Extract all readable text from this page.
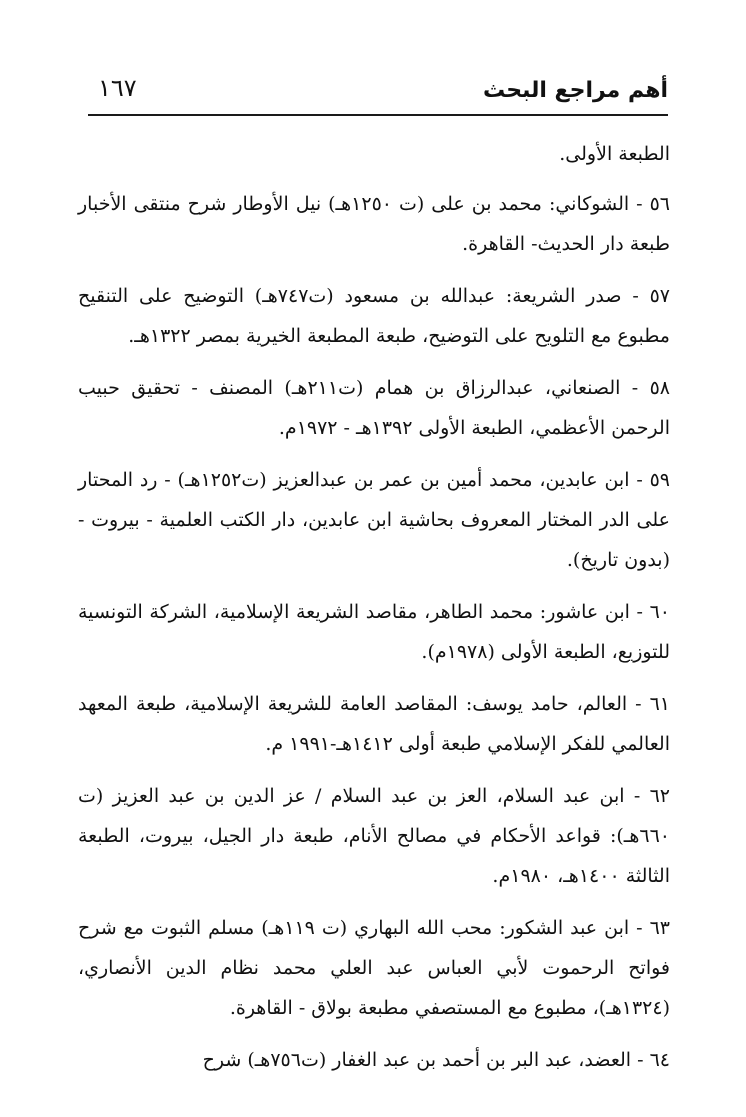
١٦٧	أهم مراجع البحث

الطبعة الأولى.

٥٦ - الشوكاني: محمد بن على (ت ١٢٥٠هـ) نيل الأوطار شرح منتقى الأخبار طبعة دار الحديث- القاهرة.

٥٧ - صدر الشريعة: عبدالله بن مسعود (ت٧٤٧هـ) التوضيح على التنقيح مطبوع مع التلويح على التوضيح، طبعة المطبعة الخيرية بمصر ١٣٢٢هـ.

٥٨ - الصنعاني، عبدالرزاق بن همام (ت٢١١هـ) المصنف - تحقيق حبيب الرحمن الأعظمي، الطبعة الأولى ١٣٩٢هـ - ١٩٧٢م.

٥٩ - ابن عابدين، محمد أمين بن عمر بن عبدالعزيز (ت١٢٥٢هـ) - رد المحتار على الدر المختار المعروف بحاشية ابن عابدين، دار الكتب العلمية - بيروت - (بدون تاريخ).

٦٠ - ابن عاشور: محمد الطاهر، مقاصد الشريعة الإسلامية، الشركة التونسية للتوزيع، الطبعة الأولى (١٩٧٨م).

٦١ - العالم، حامد يوسف: المقاصد العامة للشريعة الإسلامية، طبعة المعهد العالمي للفكر الإسلامي طبعة أولى ١٤١٢هـ-١٩٩١ م.

٦٢ - ابن عبد السلام، العز بن عبد السلام / عز الدين بن عبد العزيز (ت ٦٦٠هـ): قواعد الأحكام في مصالح الأنام، طبعة دار الجيل، بيروت، الطبعة الثالثة ١٤٠٠هـ، ١٩٨٠م.

٦٣ - ابن عبد الشكور: محب الله البهاري (ت ١١٩هـ) مسلم الثبوت مع شرح فواتح الرحموت لأبي العباس عبد العلي محمد نظام الدين الأنصاري، (١٣٢٤هـ)، مطبوع مع المستصفي مطبعة بولاق - القاهرة.

٦٤ - العضد، عبد البر بن أحمد بن عبد الغفار (ت٧٥٦هـ) شرح
